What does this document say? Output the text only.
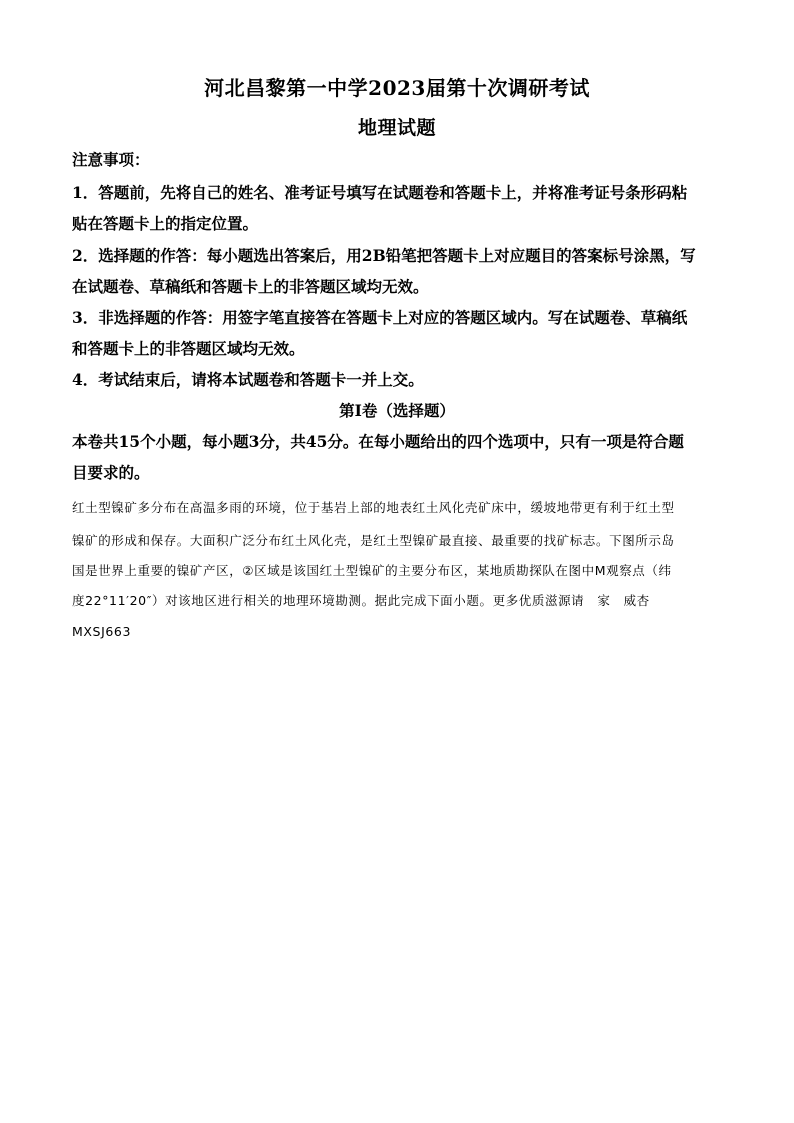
河北昌黎第一中学2023届第十次调研考试
地理试题
注意事项：
1．答题前，先将自己的姓名、准考证号填写在试题卷和答题卡上，并将准考证号条形码粘
贴在答题卡上的指定位置。
2．选择题的作答：每小题选出答案后，用2B铅笔把答题卡上对应题目的答案标号涂黑，写
在试题卷、草稿纸和答题卡上的非答题区域均无效。
3．非选择题的作答：用签字笔直接答在答题卡上对应的答题区域内。写在试题卷、草稿纸
和答题卡上的非答题区域均无效。
4．考试结束后，请将本试题卷和答题卡一并上交。
第Ⅰ卷（选择题）
本卷共15个小题，每小题3分，共45分。在每小题给出的四个选项中，只有一项是符合题
目要求的。
红土型镍矿多分布在高温多雨的环境，位于基岩上部的地表红土风化壳矿床中，缓坡地带更有利于红土型
镍矿的形成和保存。大面积广泛分布红土风化壳，是红土型镍矿最直接、最重要的找矿标志。下图所示岛
国是世界上重要的镍矿产区，②区域是该国红土型镍矿的主要分布区，某地质勘探队在图中M观察点（纬
度22°11′20″）对该地区进行相关的地理环境勘测。据此完成下面小题。更多优质滋源请　家　威杏
MXSJ663
